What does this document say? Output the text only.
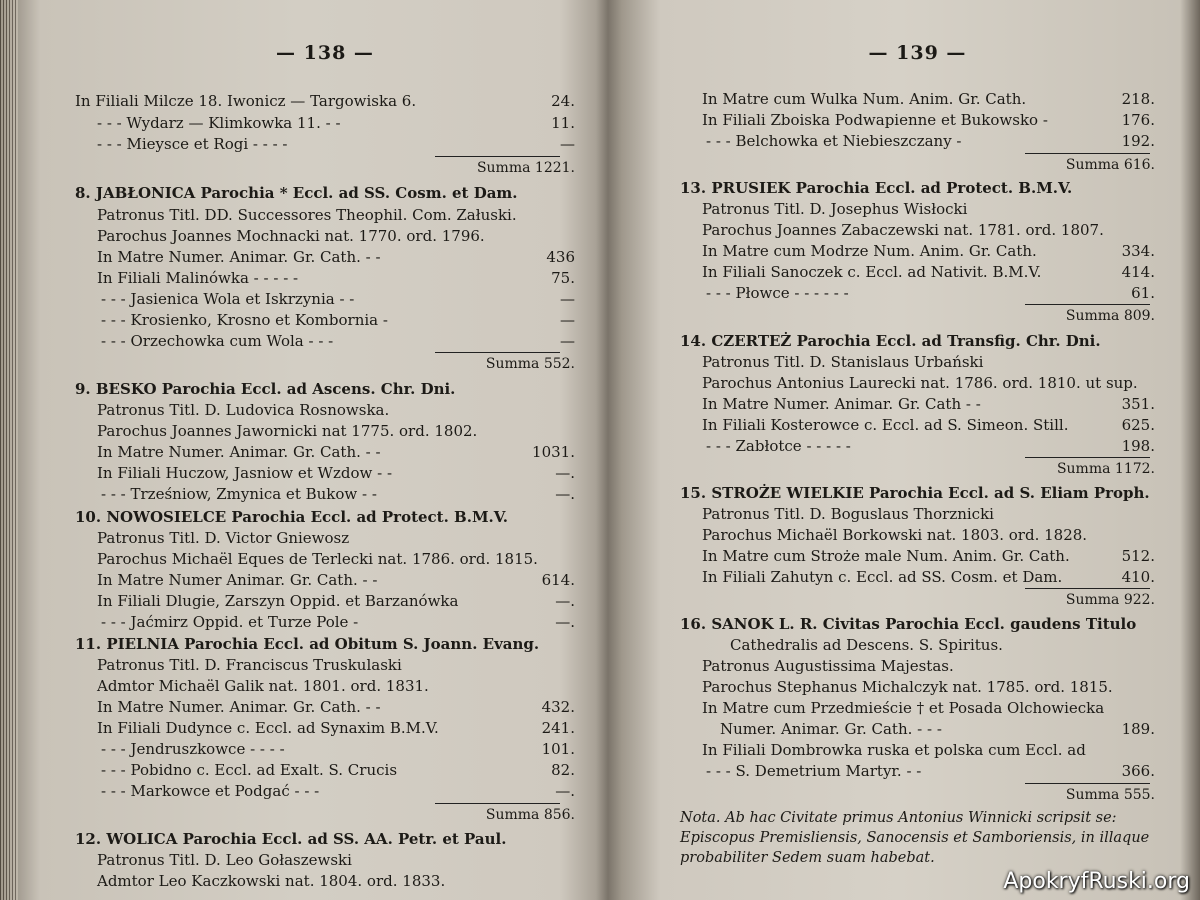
— 138 —
In Filiali Milcze 18. Iwonicz — Targowiska 6.	24.
- - - Wydarz — Klimkowka 11. - -	11.
- - - Mieysce et Rogi - - - -	—
Summa 1221.
8. JABŁONICA Parochia * Eccl. ad SS. Cosm. et Dam.
Patronus Titl. DD. Successores Theophil. Com. Załuski.
Parochus Joannes Mochnacki nat. 1770. ord. 1796.
In Matre Numer. Animar. Gr. Cath. - -	436
In Filiali Malinówka - - - - -	75.
- - - Jasienica Wola et Iskrzynia - -	—
- - - Krosienko, Krosno et Kombornia -	—
- - - Orzechowka cum Wola - - -	—
Summa 552.
9. BESKO Parochia Eccl. ad Ascens. Chr. Dni.
Patronus Titl. D. Ludovica Rosnowska.
Parochus Joannes Jawornicki nat 1775. ord. 1802.
In Matre Numer. Animar. Gr. Cath. - -	1031.
In Filiali Huczow, Jasniow et Wzdow - -	—.
- - - Trześniow, Zmynica et Bukow - -	—.
10. NOWOSIELCE Parochia Eccl. ad Protect. B.M.V.
Patronus Titl. D. Victor Gniewosz
Parochus Michaël Eques de Terlecki nat. 1786. ord. 1815.
In Matre Numer Animar. Gr. Cath. - -	614.
In Filiali Dlugie, Zarszyn Oppid. et Barzanówka	—.
- - - Jaćmirz Oppid. et Turze Pole -	—.
11. PIELNIA Parochia Eccl. ad Obitum S. Joann. Evang.
Patronus Titl. D. Franciscus Truskulaski
Admtor Michaël Galik nat. 1801. ord. 1831.
In Matre Numer. Animar. Gr. Cath. - -	432.
In Filiali Dudynce c. Eccl. ad Synaxim B.M.V.	241.
- - - Jendruszkowce - - - -	101.
- - - Pobidno c. Eccl. ad Exalt. S. Crucis	82.
- - - Markowce et Podgać - - -	—.
Summa 856.
12. WOLICA Parochia Eccl. ad SS. AA. Petr. et Paul.
Patronus Titl. D. Leo Gołaszewski
Admtor Leo Kaczkowski nat. 1804. ord. 1833.
— 139 —
In Matre cum Wulka Num. Anim. Gr. Cath.	218.
In Filiali Zboiska Podwapienne et Bukowsko -	176.
- - - Belchowka et Niebieszczany -	192.
Summa 616.
13. PRUSIEK Parochia Eccl. ad Protect. B.M.V.
Patronus Titl. D. Josephus Wisłocki
Parochus Joannes Zabaczewski nat. 1781. ord. 1807.
In Matre cum Modrze Num. Anim. Gr. Cath.	334.
In Filiali Sanoczek c. Eccl. ad Nativit. B.M.V.	414.
- - - Płowce - - - - - -	61.
Summa 809.
14. CZERTEŻ Parochia Eccl. ad Transfig. Chr. Dni.
Patronus Titl. D. Stanislaus Urbański
Parochus Antonius Laurecki nat. 1786. ord. 1810. ut sup.
In Matre Numer. Animar. Gr. Cath - -	351.
In Filiali Kosterowce c. Eccl. ad S. Simeon. Still.	625.
- - - Zabłotce - - - - -	198.
Summa 1172.
15. STROŻE WIELKIE Parochia Eccl. ad S. Eliam Proph.
Patronus Titl. D. Boguslaus Thorznicki
Parochus Michaël Borkowski nat. 1803. ord. 1828.
In Matre cum Stroże male Num. Anim. Gr. Cath.	512.
In Filiali Zahutyn c. Eccl. ad SS. Cosm. et Dam.	410.
Summa 922.
16. SANOK L. R. Civitas Parochia Eccl. gaudens Titulo
Cathedralis ad Descens. S. Spiritus.
Patronus Augustissima Majestas.
Parochus Stephanus Michalczyk nat. 1785. ord. 1815.
In Matre cum Przedmieście † et Posada Olchowiecka
Numer. Animar. Gr. Cath. - - -	189.
In Filiali Dombrowka ruska et polska cum Eccl. ad
- - - S. Demetrium Martyr. - -	366.
Summa 555.
Nota. Ab hac Civitate primus Antonius Winnicki scripsit se: Episcopus Premisliensis, Sanocensis et Samboriensis, in illaque probabiliter Sedem suam habebat.
ApokryfRuski.org
